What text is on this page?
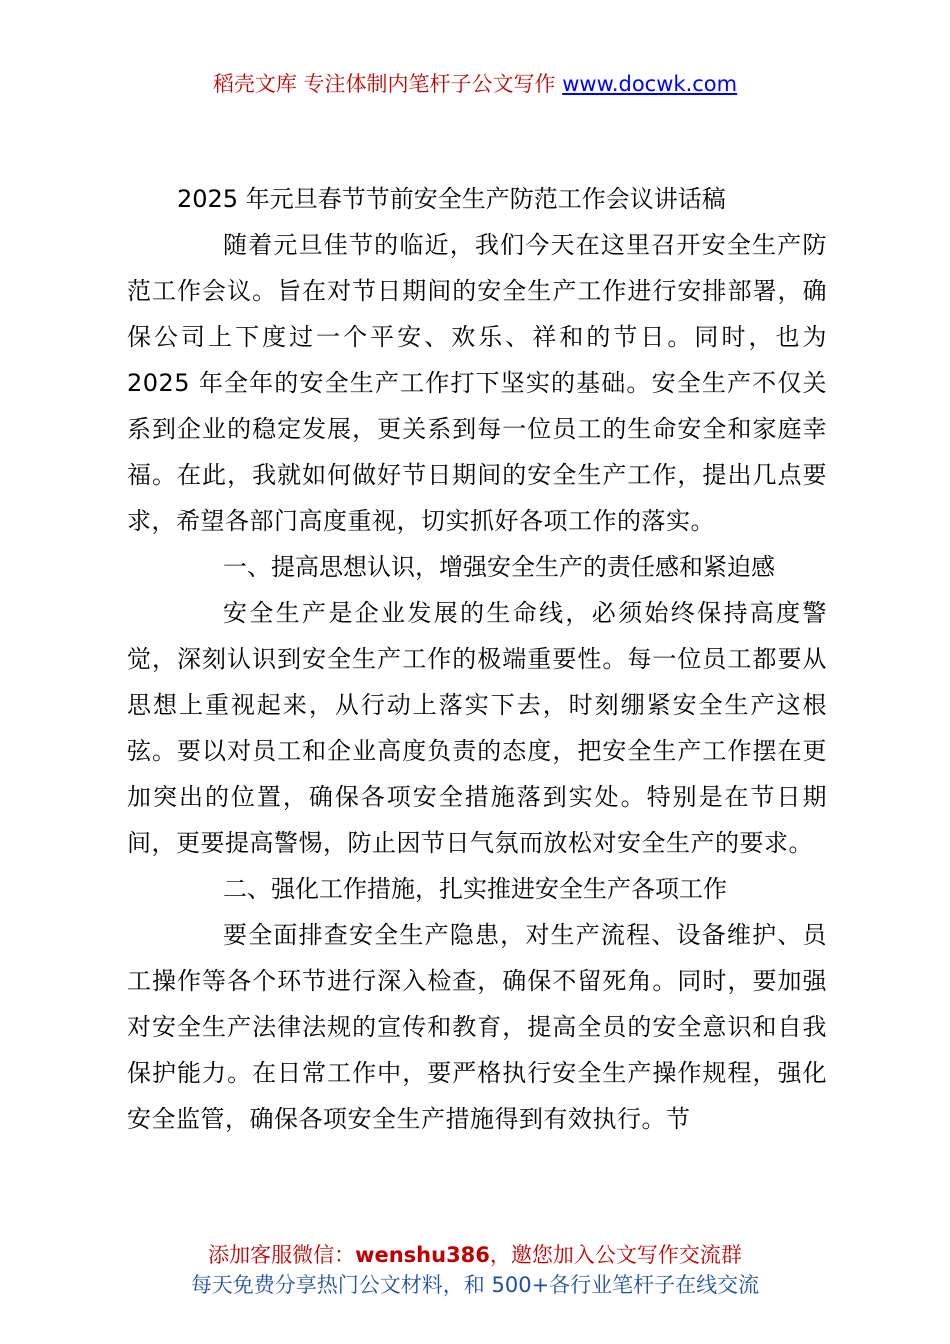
稻壳文库 专注体制内笔杆子公文写作 www.docwk.com
2025 年元旦春节节前安全生产防范工作会议讲话稿

随着元旦佳节的临近，我们今天在这里召开安全生产防范工作会议。旨在对节日期间的安全生产工作进行安排部署，确保公司上下度过一个平安、欢乐、祥和的节日。同时，也为 2025 年全年的安全生产工作打下坚实的基础。安全生产不仅关系到企业的稳定发展，更关系到每一位员工的生命安全和家庭幸福。在此，我就如何做好节日期间的安全生产工作，提出几点要求，希望各部门高度重视，切实抓好各项工作的落实。

一、提高思想认识，增强安全生产的责任感和紧迫感

安全生产是企业发展的生命线，必须始终保持高度警觉，深刻认识到安全生产工作的极端重要性。每一位员工都要从思想上重视起来，从行动上落实下去，时刻绷紧安全生产这根弦。要以对员工和企业高度负责的态度，把安全生产工作摆在更加突出的位置，确保各项安全措施落到实处。特别是在节日期间，更要提高警惕，防止因节日气氛而放松对安全生产的要求。

二、强化工作措施，扎实推进安全生产各项工作

要全面排查安全生产隐患，对生产流程、设备维护、员工操作等各个环节进行深入检查，确保不留死角。同时，要加强对安全生产法律法规的宣传和教育，提高全员的安全意识和自我保护能力。在日常工作中，要严格执行安全生产操作规程，强化安全监管，确保各项安全生产措施得到有效执行。节

添加客服微信：wenshu386，邀您加入公文写作交流群
每天免费分享热门公文材料，和 500+各行业笔杆子在线交流
